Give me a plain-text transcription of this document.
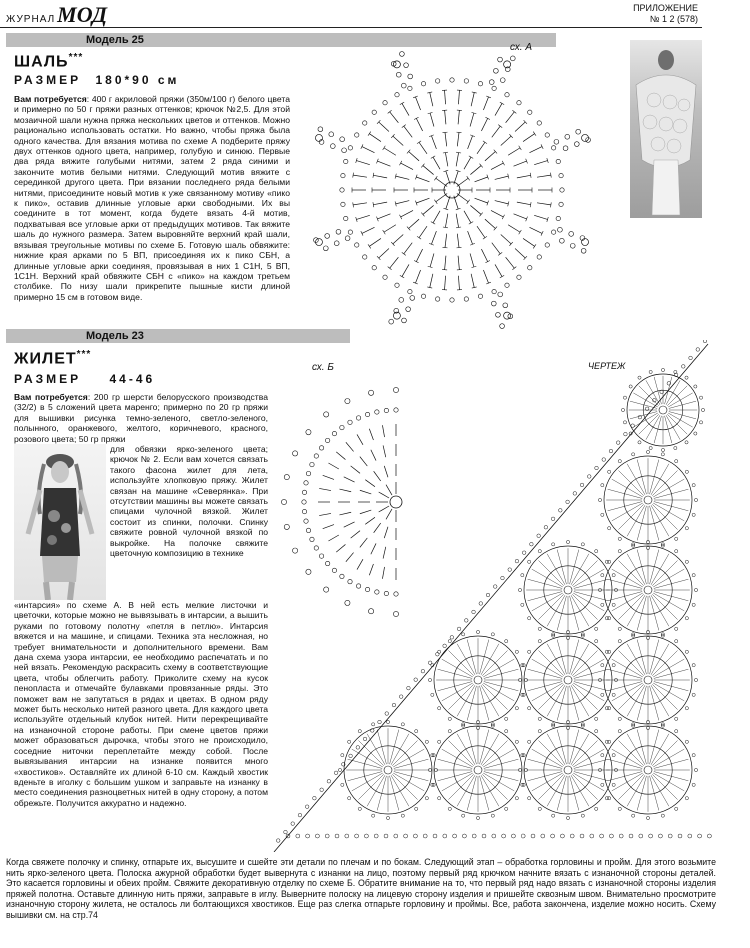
ЖУРНАЛМОД	ПРИЛОЖЕНИЕ
№ 1 2 (578)
Модель 25
ШАЛЬ***
РАЗМЕР 180*90 см
Вам потребуется: 400 г акриловой пряжи (350м/100 г) белого цвета и примерно по 50 г пряжи разных оттенков; крючок №2,5. Для этой мозаичной шали нужна пряжа нескольких цветов и оттенков. Можно рационально использовать остатки. Но важно, чтобы пряжа была одного качества. Для вязания мотива по схеме А подберите пряжу двух оттенков одного цвета, например, голубую и синюю. Первые два ряда вяжите голубыми нитями, затем 2 ряда синими и закончите мотив белыми нитями. Следующий мотив вяжите с серединкой другого цвета. При вязании последнего ряда белыми нитями, присоедините новый мотив к уже связанному мотиву «пико к пико», оставив длинные угловые арки свободными. Их вы соедините в тот момент, когда будете вязать 4-й мотив, подхватывая все угловые арки от предыдущих мотивов. Так вяжите шаль до нужного размера. Затем выровняйте верхний край шали, вязывая треугольные мотивы по схеме Б. Готовую шаль обвяжите: нижние края арками по 5 ВП, присоединяя их к пико СБН, а длинные угловые арки соединяя, провязывая в них 1 С1Н, 5 ВП, 1С1Н. Верхний край обвяжите СБН с «пико» на каждом третьем столбике. По низу шали прикрепите пышные кисти длиной примерно 15 см в готовом виде.
сх. А
Модель 23
ЖИЛЕТ***
РАЗМЕР 44-46
Вам потребуется: 200 гр шерсти белорусского производства (32/2) в 5 сложений цвета маренго; примерно по 20 гр пряжи для вышивки рисунка темно-зеленого, светло-зеленого, полынного, оранжевого, желтого, коричневого, красного, розового цвета; 50 гр пряжи
для обвязки ярко-зеленого цвета; крючок № 2. Если вам хочется связать такого фасона жилет для лета, используйте хлопковую пряжу. Жилет связан на машине «Северянка». При отсутствии машины вы можете связать спицами чулочной вязкой. Жилет состоит из спинки, полочки. Спинку свяжите ровной чулочной вязкой по выкройке. На полочке свяжите цветочную композицию в технике
«интарсия» по схеме А. В ней есть мелкие листочки и цветочки, которые можно не вывязывать в интарсии, а вышить руками по готовому полотну «петля в петлю». Интарсия вяжется и на машине, и спицами. Техника эта несложная, но требует внимательности и дополнительного времени. Вам дана схема узора интарсии, ее необходимо распечатать и по ней вязать. Рекомендую раскрасить схему в соответствующие цвета, чтобы облегчить работу. Приколите схему на кусок пенопласта и отмечайте булавками провязанные ряды. Это поможет вам не запутаться в рядах и цветах. В одном ряду может быть несколько нитей разного цвета. Для каждого цвета используйте отдельный клубок нитей. Нити перекрещивайте на изнаночной стороне работы. При смене цветов пряжи может образоваться дырочка, чтобы этого не происходило, соседние ниточки переплетайте между собой. После вывязывания интарсии на изнанке появится много «хвостиков». Оставляйте их длиной 6-10 см. Каждый хвостик вденьте в иголку с большим ушком и заправьте на изнанку в место соединения разноцветных нитей в одну сторону, а потом обрежьте. Получится аккуратно и надежно.
сх. Б	ЧЕРТЕЖ
Когда свяжете полочку и спинку, отпарьте их, высушите и сшейте эти детали по плечам и по бокам. Следующий этап – обработка горловины и пройм. Для этого возьмите нить ярко-зеленого цвета. Полоска ажурной обработки будет вывернута с изнанки на лицо, поэтому первый ряд крючком начните вязать с изнаночной стороны деталей. Это касается горловины и обеих пройм. Свяжите декоративную отделку по схеме Б. Обратите внимание на то, что первый ряд надо вязать с изнаночной стороны изделия пряжей полотна. Оставьте длинную нить пряжи, заправьте в иглу. Выверните полоску на лицевую сторону изделия и пришейте сквозным швом. Внимательно просмотрите изнаночную сторону жилета, не осталось ли болтающихся хвостиков. Еще раз слегка отпарьте горловину и проймы. Все, работа закончена, изделие можно носить. Схему вышивки см. на стр.74
